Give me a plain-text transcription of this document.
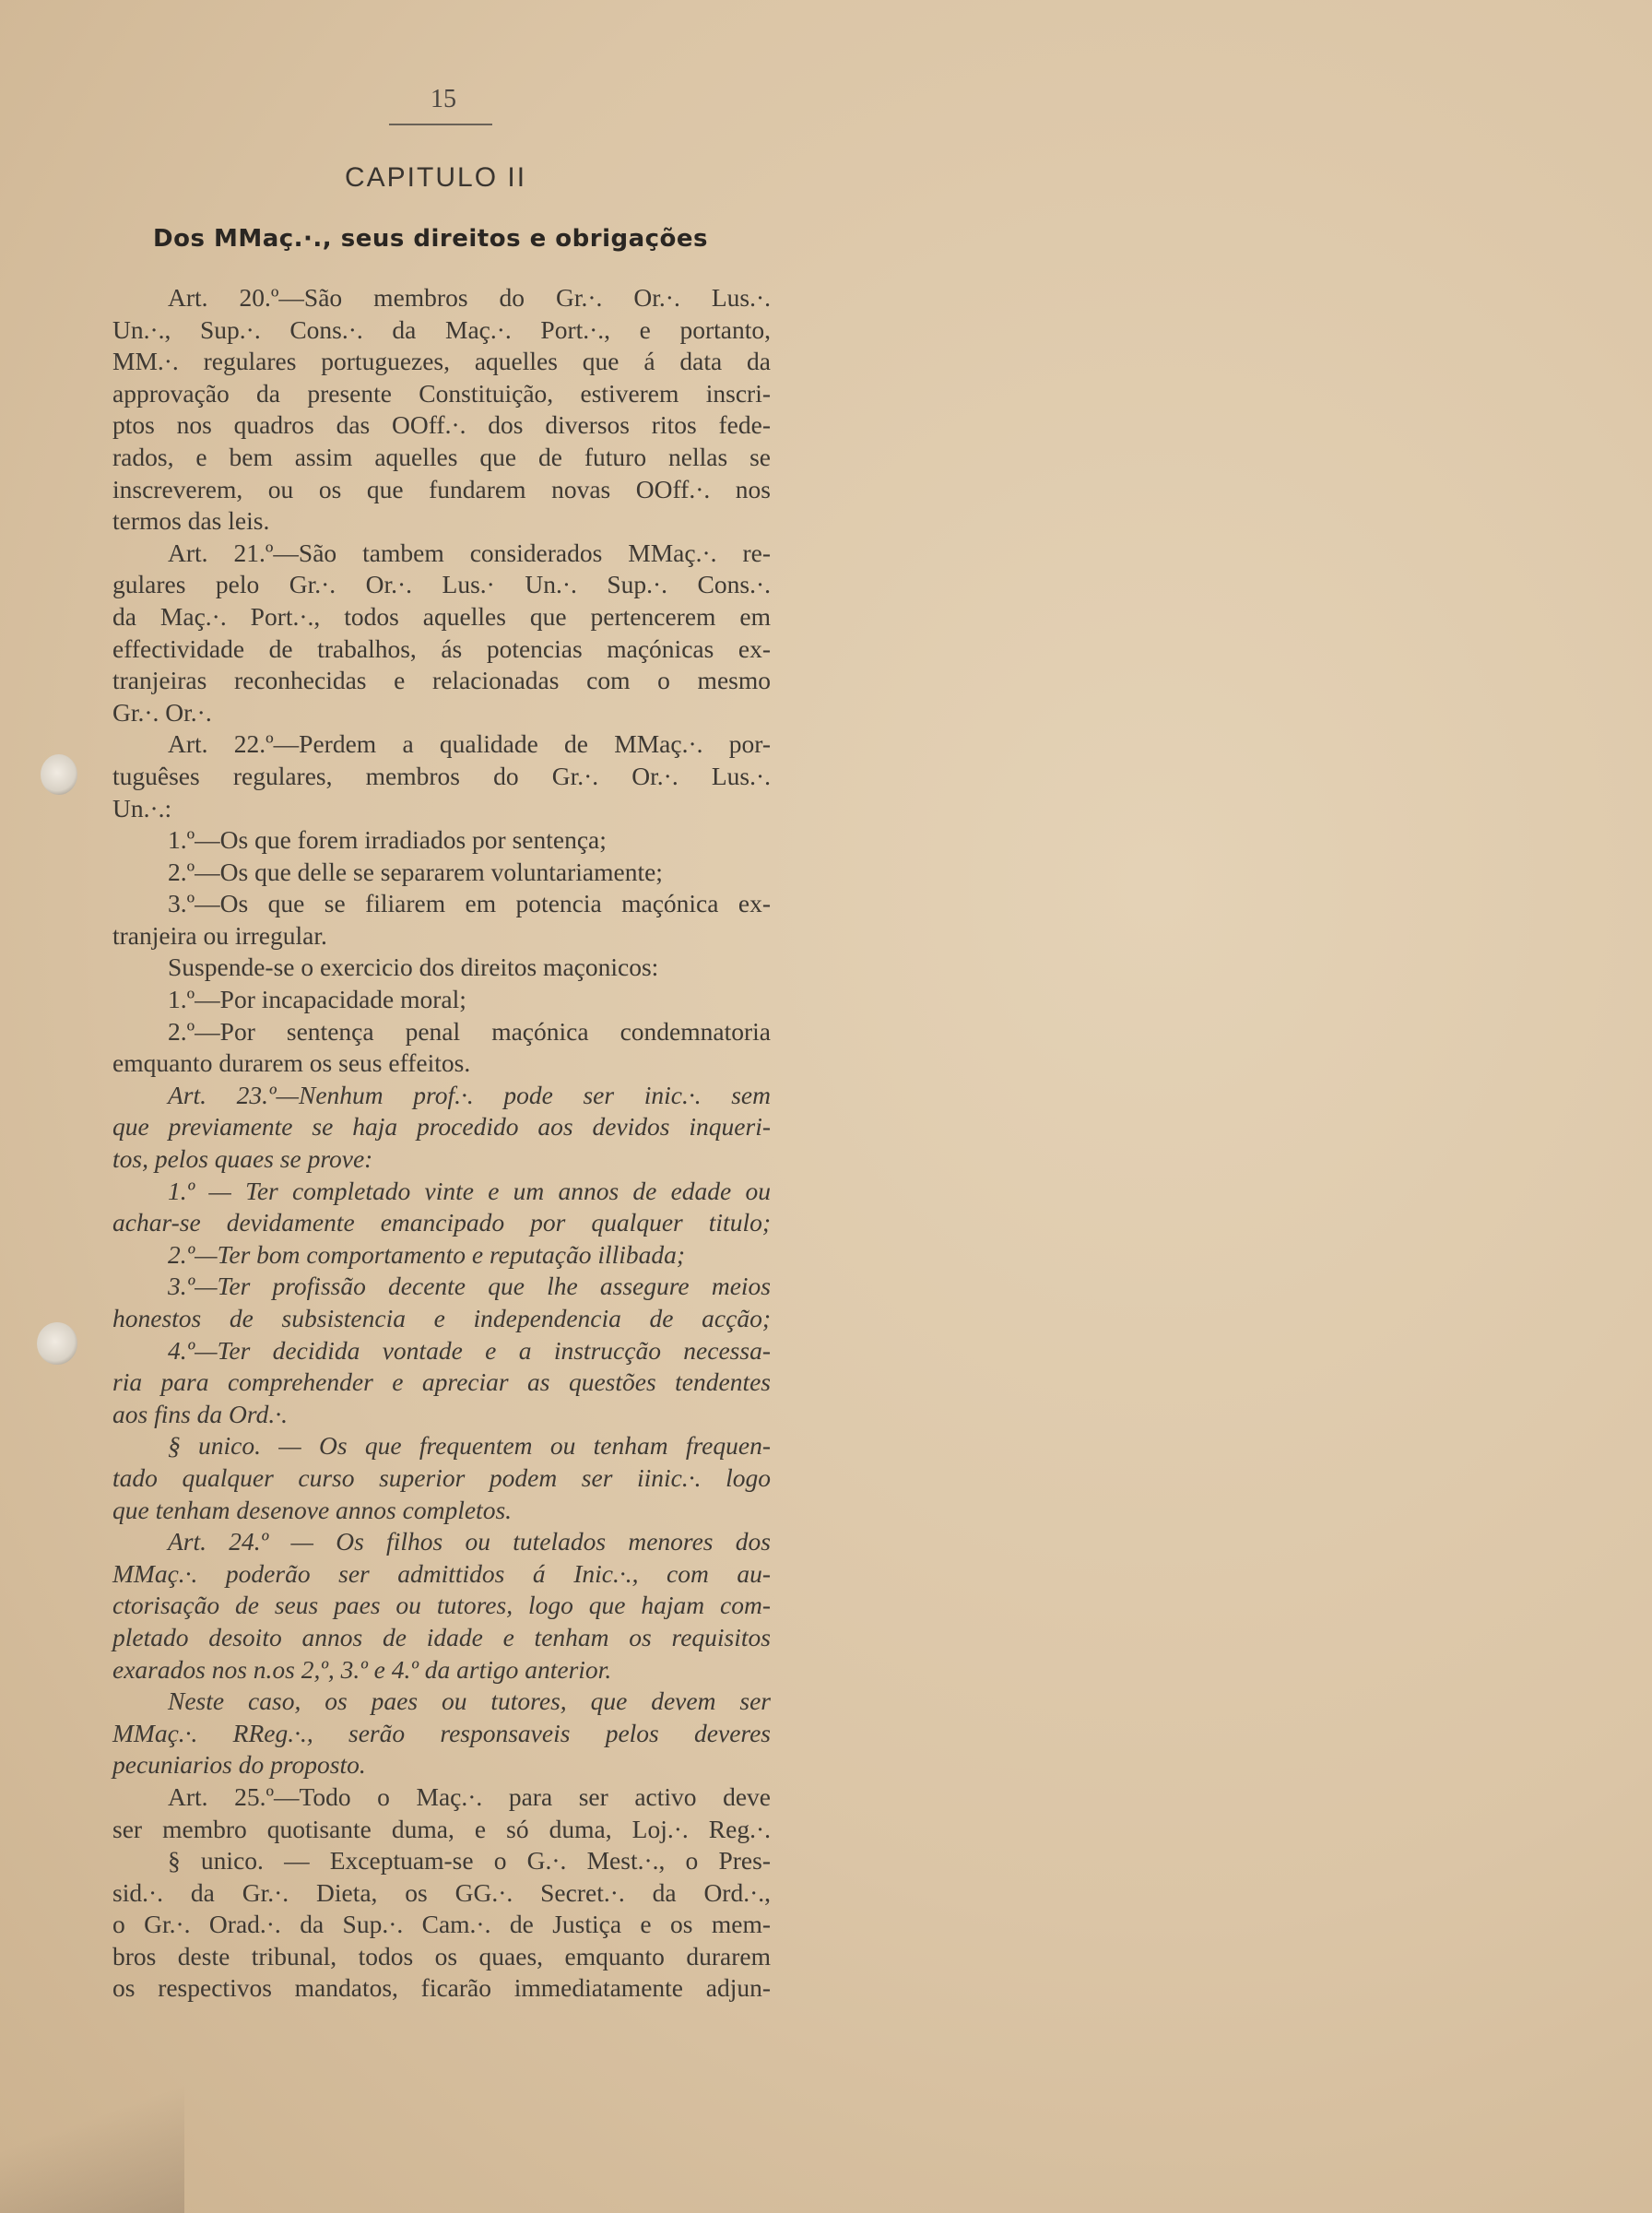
15
CAPITULO II
Dos MMaç.·., seus direitos e obrigações
Art. 20.º—São membros do Gr.·. Or.·. Lus.·.
Un.·., Sup.·. Cons.·. da Maç.·. Port.·., e portanto,
MM.·. regulares portuguezes, aquelles que á data da
approvação da presente Constituição, estiverem inscri-
ptos nos quadros das OOff.·. dos diversos ritos fede-
rados, e bem assim aquelles que de futuro nellas se
inscreverem, ou os que fundarem novas OOff.·. nos
termos das leis.
Art. 21.º—São tambem considerados MMaç.·. re-
gulares pelo Gr.·. Or.·. Lus.· Un.·. Sup.·. Cons.·.
da Maç.·. Port.·., todos aquelles que pertencerem em
effectividade de trabalhos, ás potencias maçónicas ex-
tranjeiras reconhecidas e relacionadas com o mesmo
Gr.·. Or.·.
Art. 22.º—Perdem a qualidade de MMaç.·. por-
tuguêses regulares, membros do Gr.·. Or.·. Lus.·.
Un.·.:
1.º—Os que forem irradiados por sentença;
2.º—Os que delle se separarem voluntariamente;
3.º—Os que se filiarem em potencia maçónica ex-
tranjeira ou irregular.
Suspende-se o exercicio dos direitos maçonicos:
1.º—Por incapacidade moral;
2.º—Por sentença penal maçónica condemnatoria
emquanto durarem os seus effeitos.
Art. 23.º—Nenhum prof.·. pode ser inic.·. sem
que previamente se haja procedido aos devidos inqueri-
tos, pelos quaes se prove:
1.º — Ter completado vinte e um annos de edade ou
achar-se devidamente emancipado por qualquer titulo;
2.º—Ter bom comportamento e reputação illibada;
3.º—Ter profissão decente que lhe assegure meios
honestos de subsistencia e independencia de acção;
4.º—Ter decidida vontade e a instrucção necessa-
ria para comprehender e apreciar as questões tendentes
aos fins da Ord.·.
§ unico. — Os que frequentem ou tenham frequen-
tado qualquer curso superior podem ser iinic.·. logo
que tenham desenove annos completos.
Art. 24.º — Os filhos ou tutelados menores dos
MMaç.·. poderão ser admittidos á Inic.·., com au-
ctorisação de seus paes ou tutores, logo que hajam com-
pletado desoito annos de idade e tenham os requisitos
exarados nos n.os 2,º, 3.º e 4.º da artigo anterior.
Neste caso, os paes ou tutores, que devem ser
MMaç.·. RReg.·., serão responsaveis pelos deveres
pecuniarios do proposto.
Art. 25.º—Todo o Maç.·. para ser activo deve
ser membro quotisante duma, e só duma, Loj.·. Reg.·.
§ unico. — Exceptuam-se o G.·. Mest.·., o Pres-
sid.·. da Gr.·. Dieta, os GG.·. Secret.·. da Ord.·.,
o Gr.·. Orad.·. da Sup.·. Cam.·. de Justiça e os mem-
bros deste tribunal, todos os quaes, emquanto durarem
os respectivos mandatos, ficarão immediatamente adjun-
